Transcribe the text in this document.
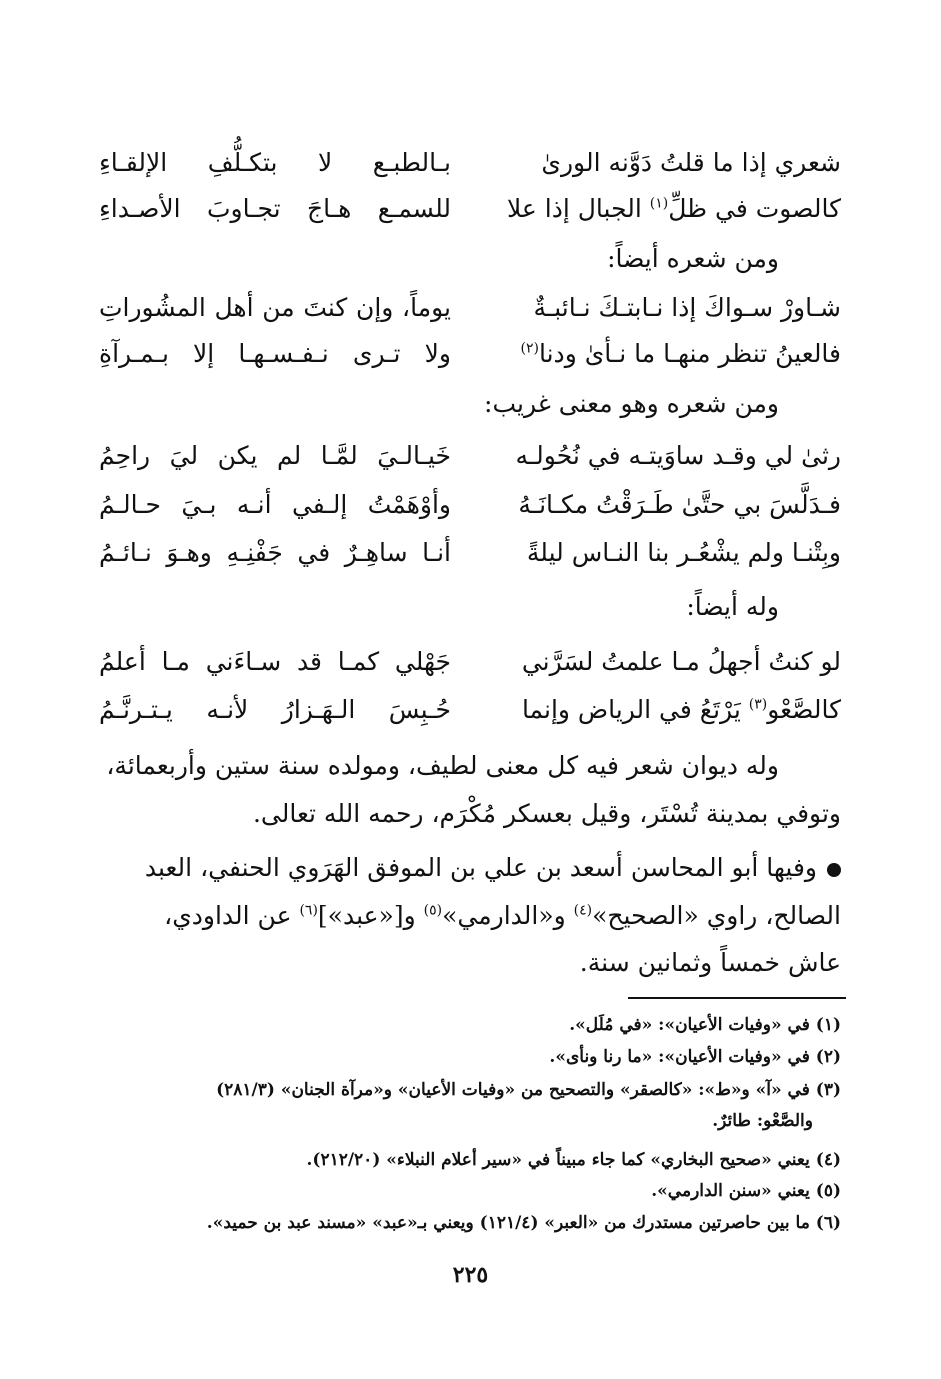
شعري إذا ما قلتُ دَوَّنه الورىٰ
بـالطبـع لا بتكـلُّفِ الإلقـاءِ
كالصوت في ظلِّ$^{(١)}$ الجبال إذا علا
للسمـع هـاجَ تجـاوبَ الأصـداءِ
ومن شعره أيضاً:
شـاورْ سـواكَ إذا نـابتـكَ نـائبـةٌ
يوماً، وإن كنتَ من أهل المشُوراتِ
فالعينُ تنظر منهـا ما نـأىٰ ودنا$^{(٢)}$
ولا تـرى نـفـسـهـا إلا بـمـرآةِ
ومن شعره وهو معنى غريب:
رثىٰ لي وقـد ساوَيتـه في نُحُولـه
خَيـالـيَ لمَّـا لم يكن ليَ راحِمُ
فـدَلَّسَ بي حتَّىٰ طَـرَقْتُ مكـانَـهُ
وأوْهَمْتُ إلـفي أنـه بـيَ حـالـمُ
وبِتْنـا ولم يشْعُـر بنا النـاس ليلةً
أنـا ساهِـرٌ في جَفْنِـهِ وهـوَ نـائـمُ
وله أيضاً:
لو كنتُ أجهلُ مـا علمتُ لسَرَّني
جَهْلي كمـا قد سـاءَني مـا أعلمُ
كالصَّعْو$^{(٣)}$ يَرْتَعُ في الرياض وإنما
حُـبِسَ الـهَـزارُ لأنـه يـتـرنَّـمُ
وله ديوان شعر فيه كل معنى لطيف، ومولده سنة ستين وأربعمائة،
وتوفي بمدينة تُسْتَر، وقيل بعسكر مُكْرَم، رحمه الله تعالى.
وفيها أبو المحاسن أسعد بن علي بن الموفق الهَرَوي الحنفي، العبد
الصالح، راوي «الصحيح»$^{(٤)}$ و«الدارمي»$^{(٥)}$ و[«عبد»]$^{(٦)}$ عن الداودي،
عاش خمساً وثمانين سنة.
(١) في «وفيات الأعيان»: «في مُلَل».
(٢) في «وفيات الأعيان»: «ما رنا ونأى».
(٣) في «آ» و«ط»: «كالصقر» والتصحيح من «وفيات الأعيان» و«مرآة الجنان» (٢٨١/٣)
والصَّعْو: طائرٌ.
(٤) يعني «صحيح البخاري» كما جاء مبيناً في «سير أعلام النبلاء» (٢١٢/٢٠).
(٥) يعني «سنن الدارمي».
(٦) ما بين حاصرتين مستدرك من «العبر» (١٢١/٤) ويعني بـ«عبد» «مسند عبد بن حميد».
٢٢٥
